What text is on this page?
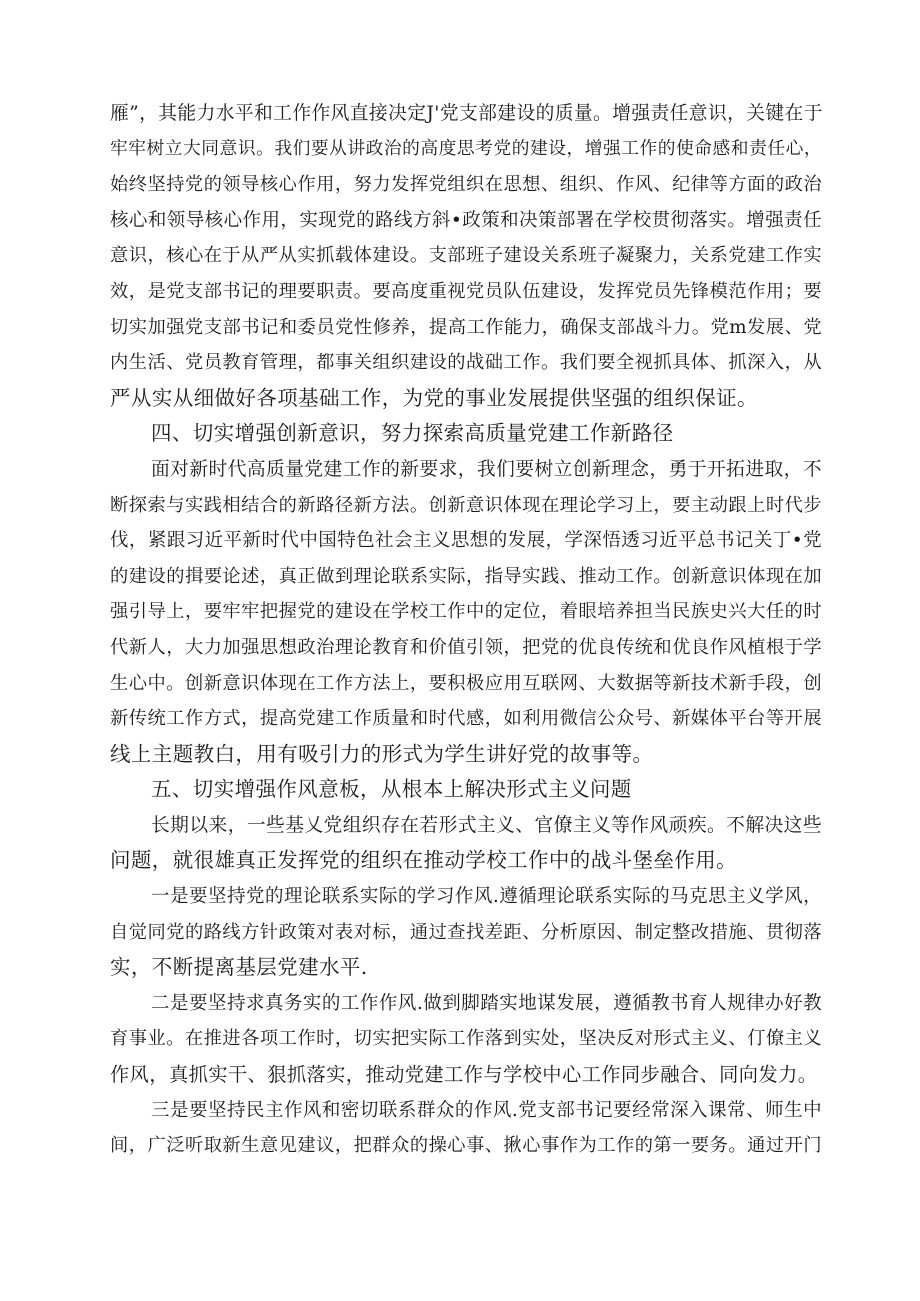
雁”，其能力水平和工作作风直接决定J'党支部建设的质量。增强责任意识，关键在于
牢牢树立大同意识。我们要从讲政治的高度思考党的建设，增强工作的使命感和责任心，
始终坚持党的领导核心作用，努力发挥党组织在思想、组织、作风、纪律等方面的政治
核心和领导核心作用，实现党的路线方斜•政策和决策部署在学校贯彻落实。增强责任
意识，核心在于从严从实抓载体建设。支部班子建设关系班子凝聚力，关系党建工作实
效，是党支部书记的理要职责。要高度重视党员队伍建设，发挥党员先锋模范作用；要
切实加强党支部书记和委员党性修养，提高工作能力，确保支部战斗力。党m发展、党
内生活、党员教育管理，都事关组织建设的战础工作。我们要全视抓具体、抓深入，从
严从实从细做好各项基础工作，为党的事业发展提供坚强的组织保证。
四、切实增强创新意识，努力探索高质量党建工作新路径
面对新时代高质量党建工作的新要求，我们要树立创新理念，勇于开拓进取，不
断探索与实践相结合的新路径新方法。创新意识体现在理论学习上，要主动跟上时代步
伐，紧跟习近平新时代中国特色社会主义思想的发展，学深悟透习近平总书记关丁•党
的建设的揖要论述，真正做到理论联系实际，指导实践、推动工作。创新意识体现在加
强引导上，要牢牢把握党的建设在学校工作中的定位，着眼培养担当民族史兴大任的时
代新人，大力加强思想政治理论教育和价值引领，把党的优良传统和优良作风植根于学
生心中。创新意识体现在工作方法上，要积极应用互联网、大数据等新技术新手段，创
新传统工作方式，提高党建工作质量和时代感，如利用微信公众号、新媒体平台等开展
线上主题教白，用有吸引力的形式为学生讲好党的故事等。
五、切实增强作风意板，从根本上解决形式主义问题
长期以来，一些基乂党组织存在若形式主义、官僚主义等作风顽疾。不解决这些
问题，就很雄真正发挥党的组织在推动学校工作中的战斗堡垒作用。
一是要坚持党的理论联系实际的学习作风.遵循理论联系实际的马克思主义学风，
自觉同党的路线方针政策对表对标，通过查找差距、分析原因、制定整改措施、贯彻落
实，不断提离基层党建水平.
二是要坚持求真务实的工作作风.做到脚踏实地谋发展，遵循教书育人规律办好教
育事业。在推进各项工作时，切实把实际工作落到实处，坚决反对形式主义、仃僚主义
作风，真抓实干、狠抓落实，推动党建工作与学校中心工作同步融合、同向发力。
三是要坚持民主作风和密切联系群众的作风.党支部书记要经常深入课常、师生中
间，广泛听取新生意见建议，把群众的操心事、揪心事作为工作的第一要务。通过开门
